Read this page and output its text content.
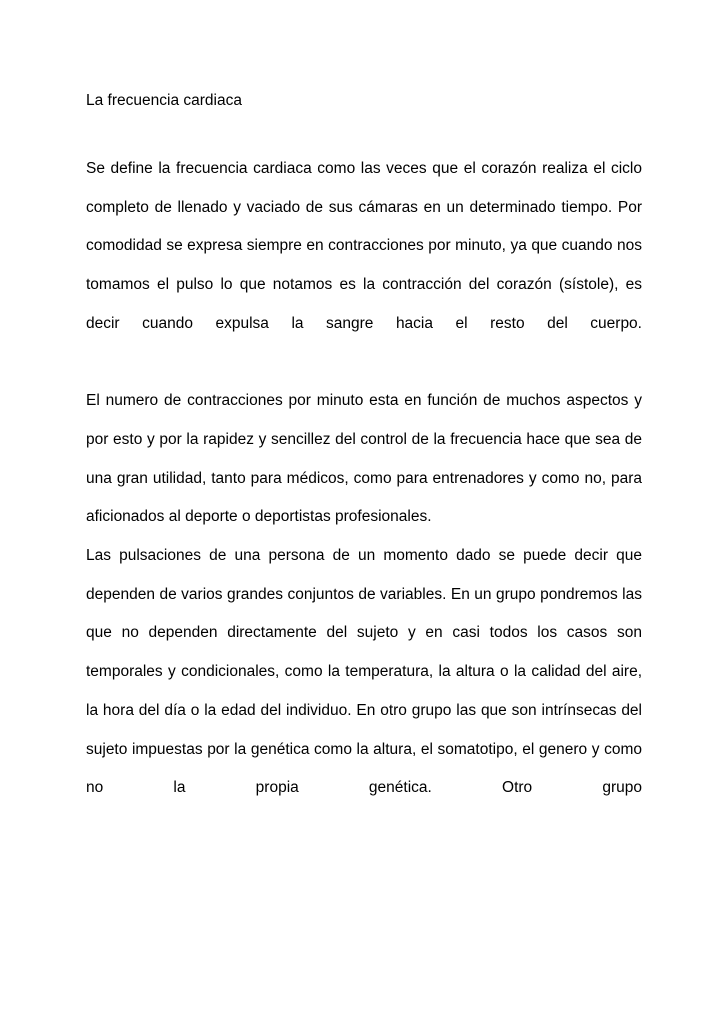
La frecuencia cardiaca

Se define la frecuencia cardiaca como las veces que el corazón realiza el ciclo completo de llenado y vaciado de sus cámaras en un determinado tiempo. Por comodidad se expresa siempre en contracciones por minuto, ya que cuando nos tomamos el pulso lo que notamos es la contracción del corazón (sístole), es decir cuando expulsa la sangre hacia el resto del cuerpo.

El numero de contracciones por minuto esta en función de muchos aspectos y por esto y por la rapidez y sencillez del control de la frecuencia hace que sea de una gran utilidad, tanto para médicos, como para entrenadores y como no, para aficionados al deporte o deportistas profesionales.

Las pulsaciones de una persona de un momento dado se puede decir que dependen de varios grandes conjuntos de variables. En un grupo pondremos las que no dependen directamente del sujeto y en casi todos los casos son temporales y condicionales, como la temperatura, la altura o la calidad del aire, la hora del día o la edad del individuo. En otro grupo las que son intrínsecas del sujeto impuestas por la genética como la altura, el somatotipo, el genero y como no la propia genética. Otro grupo
